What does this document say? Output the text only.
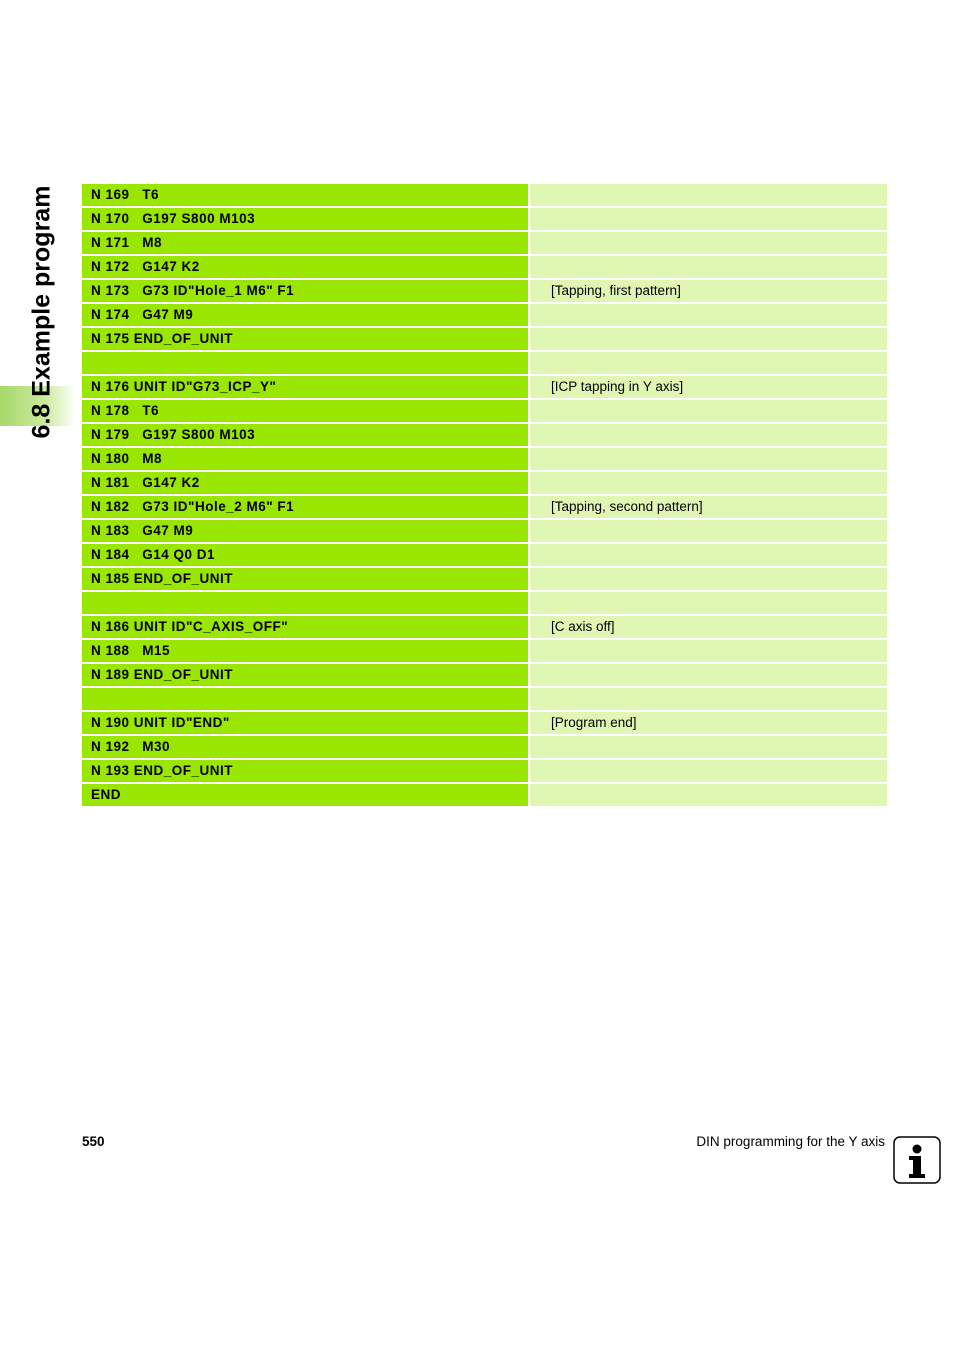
6.8 Example program	N 169   T6
N 170   G197 S800 M103
N 171   M8
N 172   G147 K2
N 173   G73 ID"Hole_1 M6" F1	[Tapping, first pattern]
N 174   G47 M9
N 175 END_OF_UNIT
N 176 UNIT ID"G73_ICP_Y"	[ICP tapping in Y axis]
N 178   T6
N 179   G197 S800 M103
N 180   M8
N 181   G147 K2
N 182   G73 ID"Hole_2 M6" F1	[Tapping, second pattern]
N 183   G47 M9
N 184   G14 Q0 D1
N 185 END_OF_UNIT
N 186 UNIT ID"C_AXIS_OFF"	[C axis off]
N 188   M15
N 189 END_OF_UNIT
N 190 UNIT ID"END"	[Program end]
N 192   M30
N 193 END_OF_UNIT
END
550	DIN programming for the Y axis
